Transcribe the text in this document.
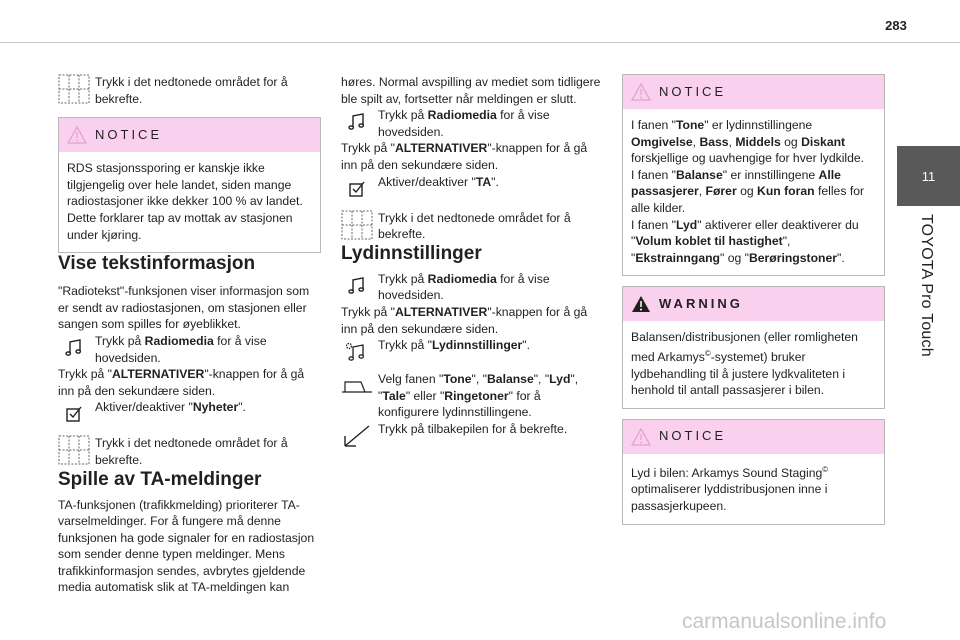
283
11
TOYOTA Pro Touch
Trykk i det nedtonede området for å bekrefte.
NOTICE
RDS stasjonssporing er kanskje ikke tilgjengelig over hele landet, siden mange radiostasjoner ikke dekker 100 % av landet. Dette forklarer tap av mottak av stasjonen under kjøring.

Vise tekstinformasjon

"Radiotekst"-funksjonen viser informasjon som er sendt av radiostasjonen, om stasjonen eller sangen som spilles for øyeblikket.

Trykk på Radiomedia for å vise hovedsiden.

Trykk på "ALTERNATIVER"-knappen for å gå inn på den sekundære siden.

Aktiver/deaktiver "Nyheter".
Trykk i det nedtonede området for å bekrefte.

Spille av TA-meldinger

TA-funksjonen (trafikkmelding) prioriterer TA-varselmeldinger. For å fungere må denne funksjonen ha gode signaler for en radiostasjon som sender denne typen meldinger. Mens trafikkinformasjon sendes, avbrytes gjeldende media automatisk slik at TA-meldingen kan

høres. Normal avspilling av mediet som tidligere ble spilt av, fortsetter når meldingen er slutt.

Trykk på Radiomedia for å vise hovedsiden.

Trykk på "ALTERNATIVER"-knappen for å gå inn på den sekundære siden.

Aktiver/deaktiver "TA".
Trykk i det nedtonede området for å bekrefte.

Lydinnstillinger

Trykk på Radiomedia for å vise hovedsiden.

Trykk på "ALTERNATIVER"-knappen for å gå inn på den sekundære siden.

Trykk på "Lydinnstillinger".
Velg fanen "Tone", "Balanse", "Lyd", "Tale" eller "Ringetoner" for å konfigurere lydinnstillingene.
Trykk på tilbakepilen for å bekrefte.
NOTICE
I fanen "Tone" er lydinnstillingene Omgivelse, Bass, Middels og Diskant forskjellige og uavhengige for hver lydkilde.
I fanen "Balanse" er innstillingene Alle passasjerer, Fører og Kun foran felles for alle kilder.
I fanen "Lyd" aktiverer eller deaktiverer du "Volum koblet til hastighet", "Ekstrainngang" og "Berøringstoner".
WARNING
Balansen/distribusjonen (eller romligheten med Arkamys©-systemet) bruker lydbehandling til å justere lydkvaliteten i henhold til antall passasjerer i bilen.
NOTICE
Lyd i bilen: Arkamys Sound Staging© optimaliserer lyddistribusjonen inne i passasjerkupeen.
carmanualsonline.info
